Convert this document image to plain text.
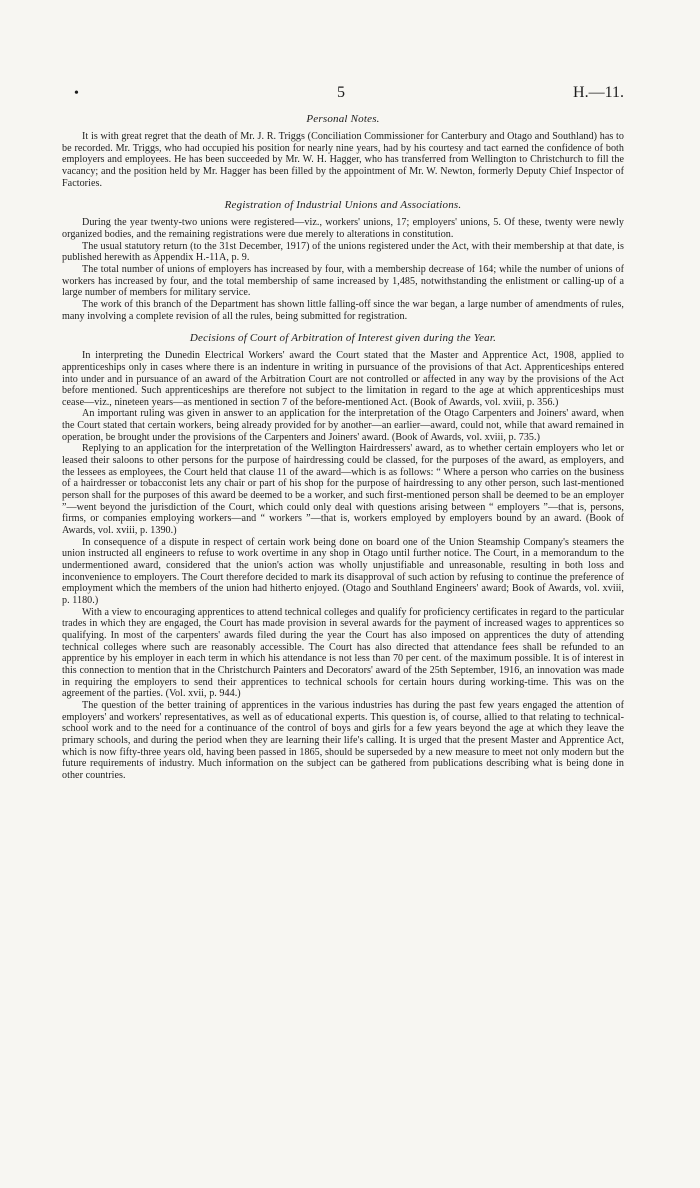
•	5	H.—11.
Personal Notes.

It is with great regret that the death of Mr. J. R. Triggs (Conciliation Commissioner for Canterbury and Otago and Southland) has to be recorded. Mr. Triggs, who had occupied his position for nearly nine years, had by his courtesy and tact earned the confidence of both employers and employees. He has been succeeded by Mr. W. H. Hagger, who has transferred from Wellington to Christchurch to fill the vacancy; and the position held by Mr. Hagger has been filled by the appointment of Mr. W. Newton, formerly Deputy Chief Inspector of Factories.

Registration of Industrial Unions and Associations.

During the year twenty-two unions were registered—viz., workers' unions, 17; employers' unions, 5. Of these, twenty were newly organized bodies, and the remaining registrations were due merely to alterations in constitution.

The usual statutory return (to the 31st December, 1917) of the unions registered under the Act, with their membership at that date, is published herewith as Appendix H.-11A, p. 9.

The total number of unions of employers has increased by four, with a membership decrease of 164; while the number of unions of workers has increased by four, and the total membership of same increased by 1,485, notwithstanding the enlistment or calling-up of a large number of members for military service.

The work of this branch of the Department has shown little falling-off since the war began, a large number of amendments of rules, many involving a complete revision of all the rules, being submitted for registration.

Decisions of Court of Arbitration of Interest given during the Year.

In interpreting the Dunedin Electrical Workers' award the Court stated that the Master and Apprentice Act, 1908, applied to apprenticeships only in cases where there is an indenture in writing in pursuance of the provisions of that Act. Apprenticeships entered into under and in pursuance of an award of the Arbitration Court are not controlled or affected in any way by the provisions of the Act before mentioned. Such apprenticeships are therefore not subject to the limitation in regard to the age at which apprenticeships must cease—viz., nineteen years—as mentioned in section 7 of the before-mentioned Act. (Book of Awards, vol. xviii, p. 356.)

An important ruling was given in answer to an application for the interpretation of the Otago Carpenters and Joiners' award, when the Court stated that certain workers, being already provided for by another—an earlier—award, could not, while that award remained in operation, be brought under the provisions of the Carpenters and Joiners' award. (Book of Awards, vol. xviii, p. 735.)

Replying to an application for the interpretation of the Wellington Hairdressers' award, as to whether certain employers who let or leased their saloons to other persons for the purpose of hairdressing could be classed, for the purposes of the award, as employers, and the lessees as employees, the Court held that clause 11 of the award—which is as follows: “ Where a person who carries on the business of a hairdresser or tobacconist lets any chair or part of his shop for the purpose of hairdressing to any other person, such last-mentioned person shall for the purposes of this award be deemed to be a worker, and such first-mentioned person shall be deemed to be an employer ”—went beyond the jurisdiction of the Court, which could only deal with questions arising between “ employers ”—that is, persons, firms, or companies employing workers—and “ workers ”—that is, workers employed by employers bound by an award. (Book of Awards, vol. xviii, p. 1390.)

In consequence of a dispute in respect of certain work being done on board one of the Union Steamship Company's steamers the union instructed all engineers to refuse to work overtime in any shop in Otago until further notice. The Court, in a memorandum to the undermentioned award, considered that the union's action was wholly unjustifiable and unreasonable, resulting in both loss and inconvenience to employers. The Court therefore decided to mark its disapproval of such action by refusing to continue the preference of employment which the members of the union had hitherto enjoyed. (Otago and Southland Engineers' award; Book of Awards, vol. xviii, p. 1180.)

With a view to encouraging apprentices to attend technical colleges and qualify for proficiency certificates in regard to the particular trades in which they are engaged, the Court has made provision in several awards for the payment of increased wages to apprentices so qualifying. In most of the carpenters' awards filed during the year the Court has also imposed on apprentices the duty of attending technical colleges where such are reasonably accessible. The Court has also directed that attendance fees shall be refunded to an apprentice by his employer in each term in which his attendance is not less than 70 per cent. of the maximum possible. It is of interest in this connection to mention that in the Christchurch Painters and Decorators' award of the 25th September, 1916, an innovation was made in requiring the employers to send their apprentices to technical schools for certain hours during working-time. This was on the agreement of the parties. (Vol. xvii, p. 944.)

The question of the better training of apprentices in the various industries has during the past few years engaged the attention of employers' and workers' representatives, as well as of educational experts. This question is, of course, allied to that relating to technical-school work and to the need for a continuance of the control of boys and girls for a few years beyond the age at which they leave the primary schools, and during the period when they are learning their life's calling. It is urged that the present Master and Apprentice Act, which is now fifty-three years old, having been passed in 1865, should be superseded by a new measure to meet not only modern but the future requirements of industry. Much information on the subject can be gathered from publications describing what is being done in other countries.
